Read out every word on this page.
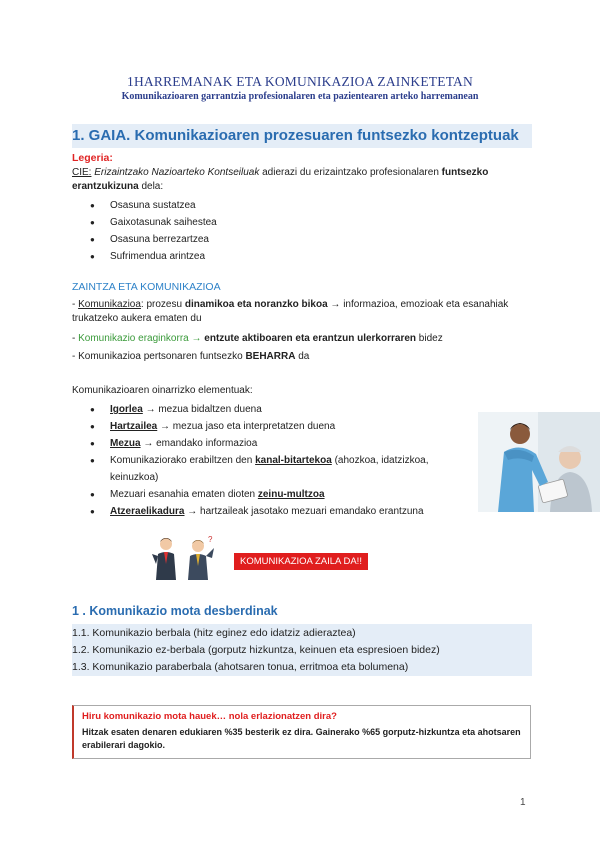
1HARREMANAK ETA KOMUNIKAZIOA ZAINKETETAN
Komunikazioaren garrantzia profesionalaren eta pazientearen arteko harremanean
1. GAIA. Komunikazioaren prozesuaren funtsezko kontzeptuak
Legeria:
CIE: Erizaintzako Nazioarteko Kontseiluak adierazi du erizaintzako profesionalaren funtsezko erantzukizuna dela:
● Osasuna sustatzea
● Gaixotasunak saihestea
● Osasuna berrezartzea
● Sufrimendua arintzea
ZAINTZA ETA KOMUNIKAZIOA
- Komunikazioa: prozesu dinamikoa eta noranzko bikoa → informazioa, emozioak eta esanahiak trukatzeko aukera ematen du
- Komunikazio eraginkorra → entzute aktiboaren eta erantzun ulerkorraren bidez
- Komunikazioa pertsonaren funtsezko BEHARRA da
Komunikazioaren oinarrizko elementuak:
● Igorlea → mezua bidaltzen duena
● Hartzailea → mezua jaso eta interpretatzen duena
● Mezua → emandako informazioa
● Komunikaziorako erabiltzen den kanal-bitartekoa (ahozkoa, idatzizkoa, keinuzkoa)
● Mezuari esanahia ematen dioten zeinu-multzoa
● Atzeraelikadura → hartzaileak jasotako mezuari emandako erantzuna
?
KOMUNIKAZIOA ZAILA DA!!
1 . Komunikazio mota desberdinak
1.1. Komunikazio berbala (hitz eginez edo idatziz adieraztea)
1.2. Komunikazio ez-berbala (gorputz hizkuntza, keinuen eta espresioen bidez)
1.3. Komunikazio paraberbala (ahotsaren tonua, erritmoa eta bolumena)
Hiru komunikazio mota hauek… nola erlazionatzen dira?
Hitzak esaten denaren edukiaren %35 besterik ez dira. Gainerako %65 gorputz-hizkuntza eta ahotsaren erabilerari dagokio.
1
